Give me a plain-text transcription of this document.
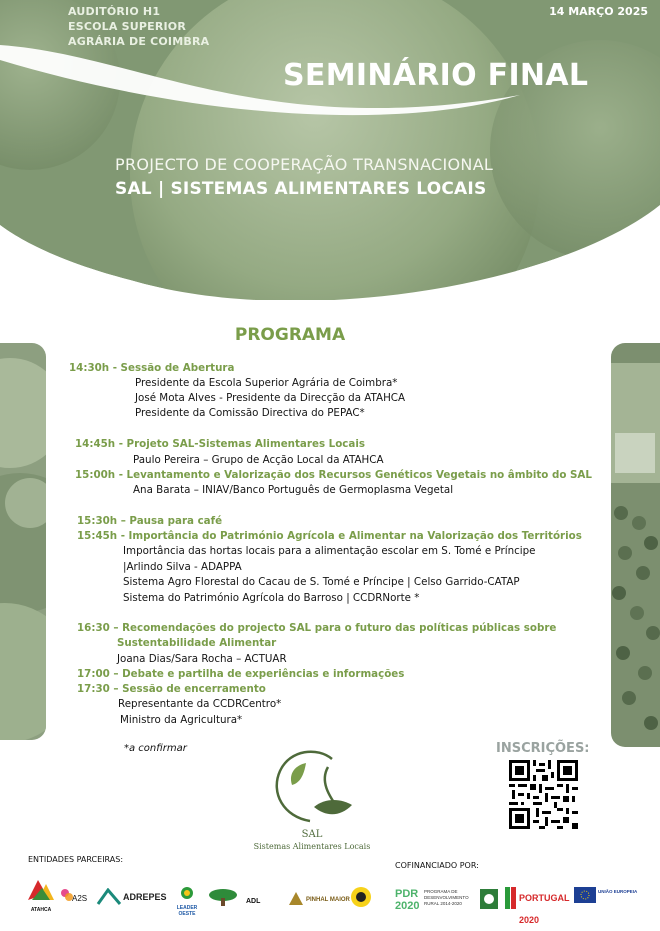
AUDITÓRIO H1
ESCOLA SUPERIOR
AGRÁRIA DE COIMBRA
14 MARÇO 2025
SEMINÁRIO FINAL
PROJECTO DE COOPERAÇÃO TRANSNACIONAL
SAL | SISTEMAS ALIMENTARES LOCAIS
PROGRAMA
14:30h - Sessão de Abertura
Presidente da Escola Superior Agrária de Coimbra*
José Mota Alves - Presidente da Direcção da ATAHCA
Presidente da Comissão Directiva do PEPAC*
14:45h - Projeto SAL-Sistemas Alimentares Locais
Paulo Pereira – Grupo de Acção Local da ATAHCA
15:00h - Levantamento e Valorização dos Recursos Genéticos Vegetais no âmbito do SAL
Ana Barata – INIAV/Banco Português de Germoplasma Vegetal
15:30h – Pausa para café
15:45h - Importância do Património Agrícola e Alimentar na Valorização dos Territórios
Importância das hortas locais para a alimentação escolar em S. Tomé e Príncipe
|Arlindo Silva - ADAPPA
Sistema Agro Florestal do Cacau de S. Tomé e Príncipe | Celso Garrido-CATAP
Sistema do Património Agrícola do Barroso | CCDRNorte *
16:30 – Recomendações do projecto SAL para o futuro das políticas públicas sobre
Sustentabilidade Alimentar
Joana Dias/Sara Rocha – ACTUAR
17:00 – Debate e partilha de experiências e informações
17:30 – Sessão de encerramento
Representante da CCDRCentro*
Ministro da Agricultura*
*a confirmar
SAL
Sistemas Alimentares Locais
INSCRIÇÕES:
ENTIDADES PARCEIRAS:
COFINANCIADO POR:
ATAHCA
A2S	ADREPES
LEADER OESTE
ADL	PINHAL MAIOR	PDR 2020
PROGRAMA DE DESENVOLVIMENTO RURAL 2014-2020
PORTUGAL 2020
UNIÃO EUROPEIA
